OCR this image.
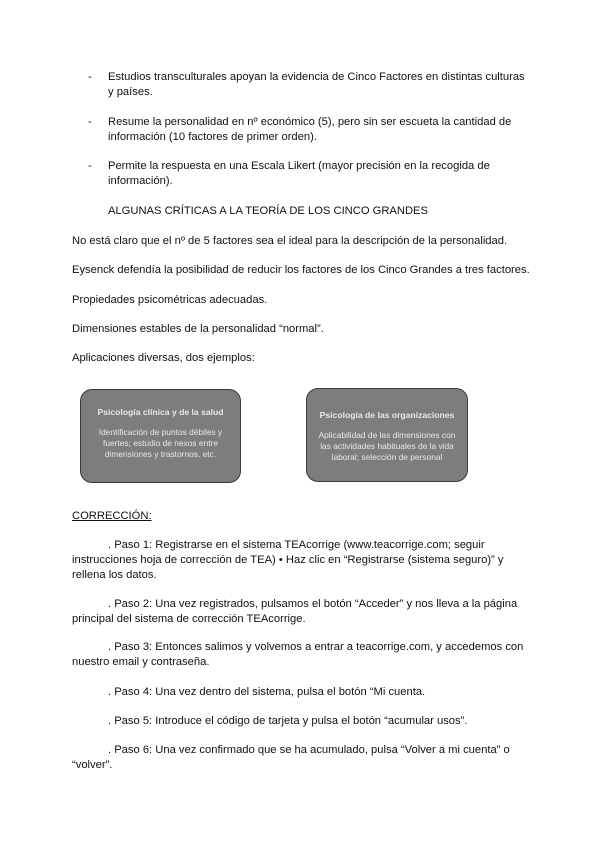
- Estudios transculturales apoyan la evidencia de Cinco Factores en distintas culturas y países.
- Resume la personalidad en nº económico (5), pero sin ser escueta la cantidad de información (10 factores de primer orden).
- Permite la respuesta en una Escala Likert (mayor precisión en la recogida de información).
ALGUNAS CRÍTICAS A LA TEORÍA DE LOS CINCO GRANDES
No está claro que el nº de 5 factores sea el ideal para la descripción de la personalidad.
Eysenck defendía la posibilidad de reducir los factores de los Cinco Grandes a tres factores.
Propiedades psicométricas adecuadas.
Dimensiones estables de la personalidad “normal”.
Aplicaciones diversas, dos ejemplos:
Psicología clínica y de la salud
Identificación de puntos débiles y fuertes; estudio de nexos entre dimensiones y trastornos, etc.
Psicología de las organizaciones
Aplicabilidad de las dimensiones con las actividades habituales de la vida laboral; selección de personal
CORRECCIÓN:
. Paso 1: Registrarse en el sistema TEAcorrige (www.teacorrige.com; seguir instrucciones hoja de corrección de TEA) • Haz clic en “Registrarse (sistema seguro)” y rellena los datos.
. Paso 2: Una vez registrados, pulsamos el botón “Acceder” y nos lleva a la página principal del sistema de corrección TEAcorrige.
. Paso 3: Entonces salimos y volvemos a entrar a teacorrige.com, y accedemos con nuestro email y contraseña.
. Paso 4: Una vez dentro del sistema, pulsa el botón “Mi cuenta.
. Paso 5: Introduce el código de tarjeta y pulsa el botón “acumular usos”.
. Paso 6: Una vez confirmado que se ha acumulado, pulsa “Volver a mi cuenta” o “volver”.
